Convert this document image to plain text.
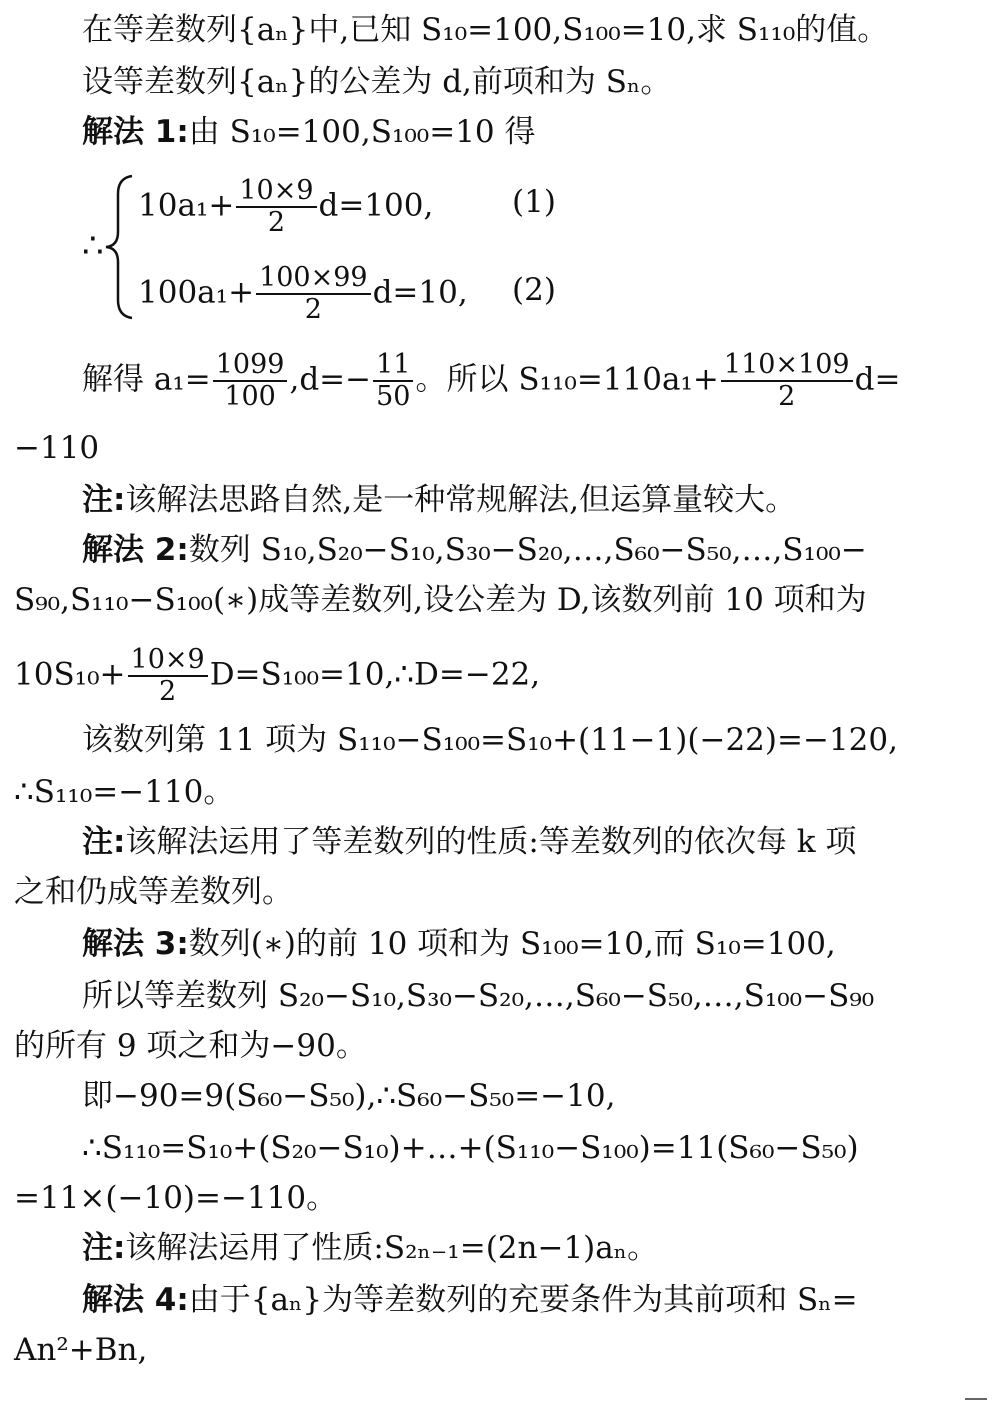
在等差数列{aₙ}中,已知 S₁₀=100,S₁₀₀=10,求 S₁₁₀的值。
设等差数列{aₙ}的公差为 d,前项和为 Sₙ。
解法 1:由 S₁₀=100,S₁₀₀=10 得
∴
$10a_1+ \frac{10\times 9}{2} d=100$,	(1)
$100a_1+ \frac{100\times 99}{2} d=10$, (2)
解得 $a_1= \frac{1099}{100} ,d=- \frac{11}{50}$ 。所以 $S_{110}=110a_1+ \frac{110\times 109}{2} d=$
−110
注:该解法思路自然,是一种常规解法,但运算量较大。
解法 2:数列 S₁₀,S₂₀−S₁₀,S₃₀−S₂₀,…,S₆₀−S₅₀,…,S₁₀₀−
S₉₀,S₁₁₀−S₁₀₀(∗)成等差数列,设公差为 D,该数列前 10 项和为
$10S_{10}+ \frac{10\times 9}{2}$ D=S₁₀₀=10,∴D=−22,
该数列第 11 项为 S₁₁₀−S₁₀₀=S₁₀+(11−1)(−22)=−120,
∴S₁₁₀=−110。
注:该解法运用了等差数列的性质:等差数列的依次每 k 项
之和仍成等差数列。
解法 3:数列(∗)的前 10 项和为 S₁₀₀=10,而 S₁₀=100,
所以等差数列 S₂₀−S₁₀,S₃₀−S₂₀,…,S₆₀−S₅₀,…,S₁₀₀−S₉₀
的所有 9 项之和为−90。
即−90=9(S₆₀−S₅₀),∴S₆₀−S₅₀=−10,
∴S₁₁₀=S₁₀+(S₂₀−S₁₀)+…+(S₁₁₀−S₁₀₀)=11(S₆₀−S₅₀)
=11×(−10)=−110。
注:该解法运用了性质:S₂ₙ₋₁=(2n−1)aₙ。
解法 4:由于{aₙ}为等差数列的充要条件为其前项和 Sₙ=
An²+Bn,
